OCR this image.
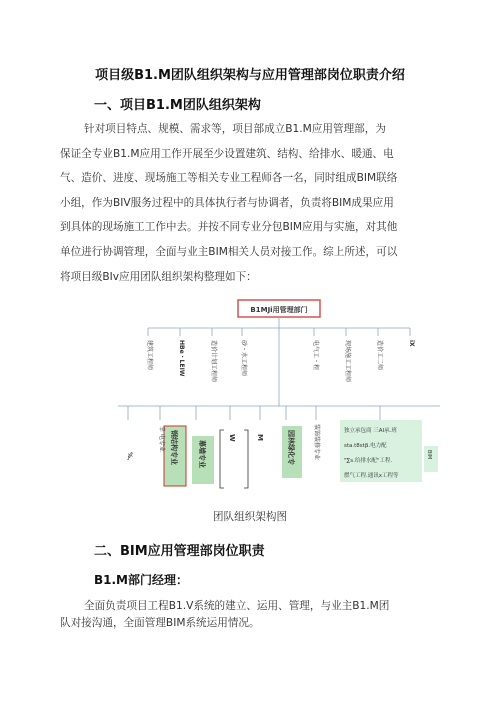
项目级B1.M团队组织架构与应用管理部岗位职责介绍
一、项目B1.M团队组织架构
针对项目特点、规模、需求等，项目部成立B1.M应用管理部，为
保证全专业B1.M应用工作开展至少设置建筑、结构、给排水、暖通、电
气、造价、进度、现场施工等相关专业工程师各一名，同时组成BIM联络
小组，作为BIV服务过程中的具体执行者与协调者，负责将BIM成果应用
到具体的现场施工工作中去。并按不同专业分包BIM应用与实施，对其他
单位进行协调管理，全面与业主BIM相关人员对接工作。综上所述，可以
将项目级BIv应用团队组织架构整理如下：
B1MJi用管理部门
建筑工程师	HBe・LEIW	造价计划工程师	砂・水工程师	电气工・程	现场施工工程师	造价工二师	iX
%、
幸 电专业 钢结构专业	幕墙专业
W	M	园林绿化专	装饰装修专业	独立承包商 三AI承.班
sta.t8stβ.电力配
"∑s.给排水配"工程.
燃气工程.通讯x工程等
BIM
团队组织架构图
二、BIM应用管理部岗位职责
B1.M部门经理：
全面负责项目工程B1.V系统的建立、运用、管理，与业主B1.M团
队对接沟通，全面管理BIM系统运用情况。
